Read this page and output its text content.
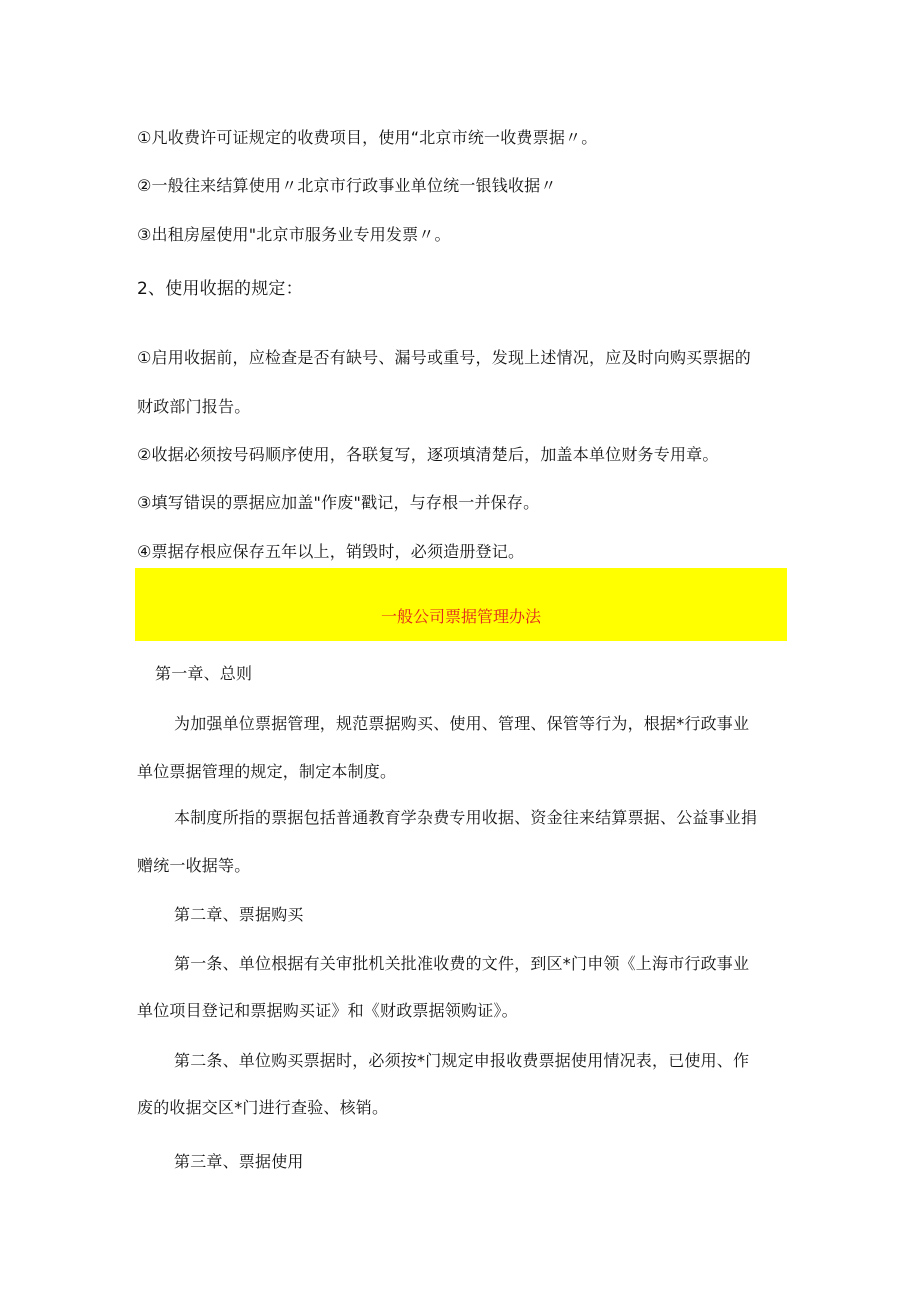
①凡收费许可证规定的收费项目，使用“北京市统一收费票据〃。
②一般往来结算使用〃北京市行政事业单位统一银钱收据〃
③出租房屋使用"北京市服务业专用发票〃。
2、使用收据的规定：
①启用收据前，应检查是否有缺号、漏号或重号，发现上述情况，应及时向购买票据的
财政部门报告。
②收据必须按号码顺序使用，各联复写，逐项填清楚后，加盖本单位财务专用章。
③填写错误的票据应加盖"作废"戳记，与存根一并保存。
④票据存根应保存五年以上，销毁时，必须造册登记。
一般公司票据管理办法
第一章、总则
为加强单位票据管理，规范票据购买、使用、管理、保管等行为，根据*行政事业
单位票据管理的规定，制定本制度。
本制度所指的票据包括普通教育学杂费专用收据、资金往来结算票据、公益事业捐
赠统一收据等。
第二章、票据购买
第一条、单位根据有关审批机关批准收费的文件，到区*门申领《上海市行政事业
单位项目登记和票据购买证》和《财政票据领购证》。
第二条、单位购买票据时，必须按*门规定申报收费票据使用情况表，已使用、作
废的收据交区*门进行查验、核销。
第三章、票据使用
